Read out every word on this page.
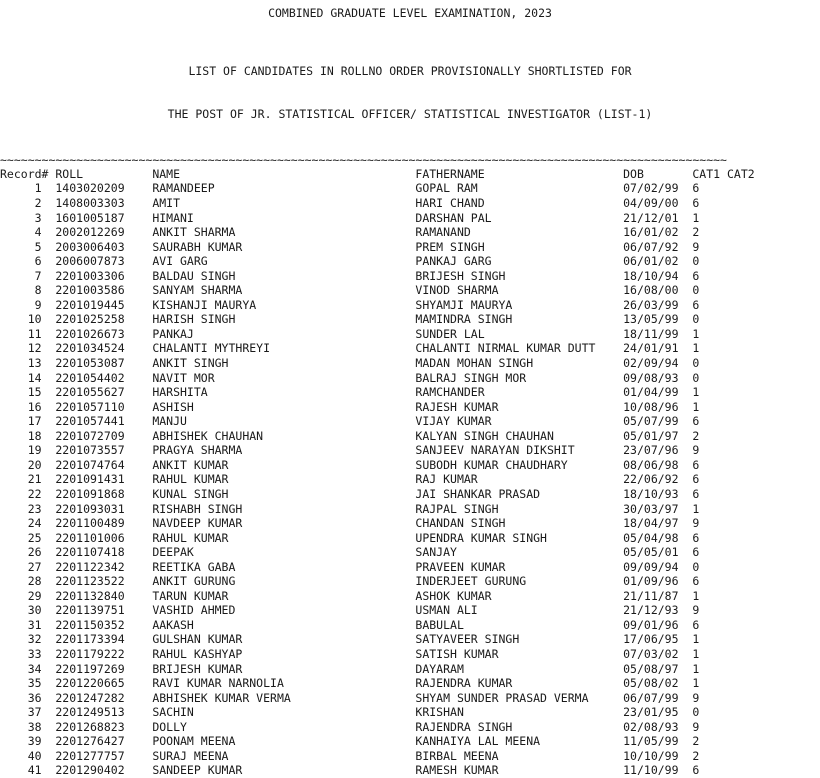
COMBINED GRADUATE LEVEL EXAMINATION, 2023

LIST OF CANDIDATES IN ROLLNO ORDER PROVISIONALLY SHORTLISTED FOR

THE POST OF JR. STATISTICAL OFFICER/ STATISTICAL INVESTIGATOR (LIST-1)

~~~~~~~~~~~~~~~~~~~~~~~~~~~~~~~~~~~~~~~~~~~~~~~~~~~~~~~~~~~~~~~~~~~~~~~~~~~~~~~~~~~~~~~~~~~~~~~~~~~~~~~~~
Record# ROLL          NAME                                  FATHERNAME                    DOB       CAT1 CAT2
1  1403020209    RAMANDEEP                             GOPAL RAM                     07/02/99  6
2  1408003303    AMIT                                  HARI CHAND                    04/09/00  6
3  1601005187    HIMANI                                DARSHAN PAL                   21/12/01  1
4  2002012269    ANKIT SHARMA                          RAMANAND                      16/01/02  2
5  2003006403    SAURABH KUMAR                         PREM SINGH                    06/07/92  9
6  2006007873    AVI GARG                              PANKAJ GARG                   06/01/02  0
7  2201003306    BALDAU SINGH                          BRIJESH SINGH                 18/10/94  6
8  2201003586    SANYAM SHARMA                         VINOD SHARMA                  16/08/00  0
9  2201019445    KISHANJI MAURYA                       SHYAMJI MAURYA                26/03/99  6
10  2201025258    HARISH SINGH                          MAMINDRA SINGH                13/05/99  0
11  2201026673    PANKAJ                                SUNDER LAL                    18/11/99  1
12  2201034524    CHALANTI MYTHREYI                     CHALANTI NIRMAL KUMAR DUTT    24/01/91  1
13  2201053087    ANKIT SINGH                           MADAN MOHAN SINGH             02/09/94  0
14  2201054402    NAVIT MOR                             BALRAJ SINGH MOR              09/08/93  0
15  2201055627    HARSHITA                              RAMCHANDER                    01/04/99  1
16  2201057110    ASHISH                                RAJESH KUMAR                  10/08/96  1
17  2201057441    MANJU                                 VIJAY KUMAR                   05/07/99  6
18  2201072709    ABHISHEK CHAUHAN                      KALYAN SINGH CHAUHAN          05/01/97  2
19  2201073557    PRAGYA SHARMA                         SANJEEV NARAYAN DIKSHIT       23/07/96  9
20  2201074764    ANKIT KUMAR                           SUBODH KUMAR CHAUDHARY        08/06/98  6
21  2201091431    RAHUL KUMAR                           RAJ KUMAR                     22/06/92  6
22  2201091868    KUNAL SINGH                           JAI SHANKAR PRASAD            18/10/93  6
23  2201093031    RISHABH SINGH                         RAJPAL SINGH                  30/03/97  1
24  2201100489    NAVDEEP KUMAR                         CHANDAN SINGH                 18/04/97  9
25  2201101006    RAHUL KUMAR                           UPENDRA KUMAR SINGH           05/04/98  6
26  2201107418    DEEPAK                                SANJAY                        05/05/01  6
27  2201122342    REETIKA GABA                          PRAVEEN KUMAR                 09/09/94  0
28  2201123522    ANKIT GURUNG                          INDERJEET GURUNG              01/09/96  6
29  2201132840    TARUN KUMAR                           ASHOK KUMAR                   21/11/87  1
30  2201139751    VASHID AHMED                          USMAN ALI                     21/12/93  9
31  2201150352    AAKASH                                BABULAL                       09/01/96  6
32  2201173394    GULSHAN KUMAR                         SATYAVEER SINGH               17/06/95  1
33  2201179222    RAHUL KASHYAP                         SATISH KUMAR                  07/03/02  1
34  2201197269    BRIJESH KUMAR                         DAYARAM                       05/08/97  1
35  2201220665    RAVI KUMAR NARNOLIA                   RAJENDRA KUMAR                05/08/02  1
36  2201247282    ABHISHEK KUMAR VERMA                  SHYAM SUNDER PRASAD VERMA     06/07/99  9
37  2201249513    SACHIN                                KRISHAN                       23/01/95  0
38  2201268823    DOLLY                                 RAJENDRA SINGH                02/08/93  9
39  2201276427    POONAM MEENA                          KANHAIYA LAL MEENA            11/05/99  2
40  2201277757    SURAJ MEENA                           BIRBAL MEENA                  10/10/99  2
41  2201290402    SANDEEP KUMAR                         RAMESH KUMAR                  11/10/99  6
